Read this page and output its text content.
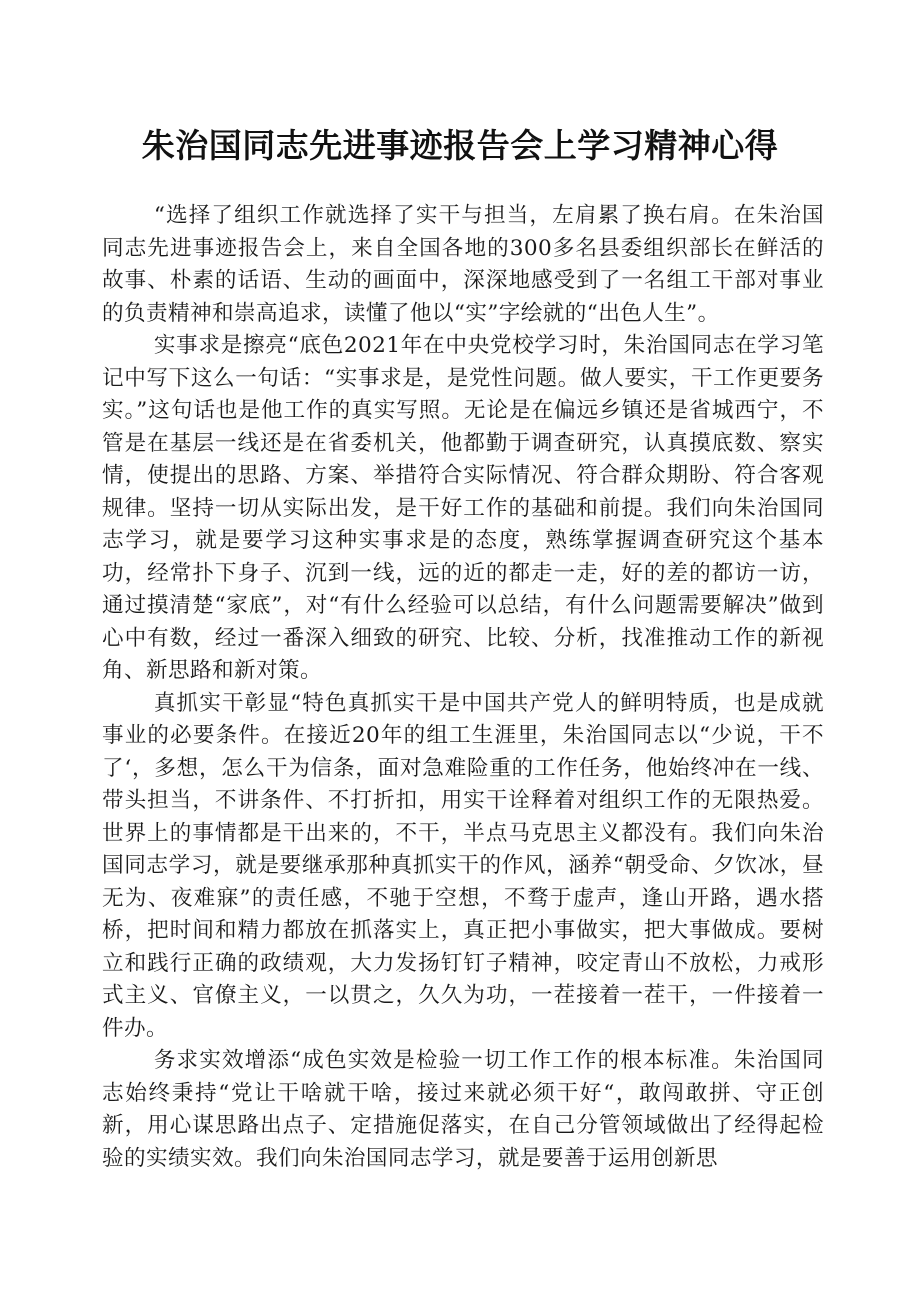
朱治国同志先进事迹报告会上学习精神心得

“选择了组织工作就选择了实干与担当，左肩累了换右肩。在朱治国同志先进事迹报告会上，来自全国各地的300多名县委组织部长在鲜活的故事、朴素的话语、生动的画面中，深深地感受到了一名组工干部对事业的负责精神和崇高追求，读懂了他以“实”字绘就的“出色人生”。

实事求是擦亮“底色2021年在中央党校学习时，朱治国同志在学习笔记中写下这么一句话：“实事求是，是党性问题。做人要实，干工作更要务实。”这句话也是他工作的真实写照。无论是在偏远乡镇还是省城西宁，不管是在基层一线还是在省委机关，他都勤于调查研究，认真摸底数、察实情，使提出的思路、方案、举措符合实际情况、符合群众期盼、符合客观规律。坚持一切从实际出发，是干好工作的基础和前提。我们向朱治国同志学习，就是要学习这种实事求是的态度，熟练掌握调查研究这个基本功，经常扑下身子、沉到一线，远的近的都走一走，好的差的都访一访，通过摸清楚“家底”，对“有什么经验可以总结，有什么问题需要解决”做到心中有数，经过一番深入细致的研究、比较、分析，找准推动工作的新视角、新思路和新对策。

真抓实干彰显“特色真抓实干是中国共产党人的鲜明特质，也是成就事业的必要条件。在接近20年的组工生涯里，朱治国同志以“少说，干不了‘，多想，怎么干为信条，面对急难险重的工作任务，他始终冲在一线、带头担当，不讲条件、不打折扣，用实干诠释着对组织工作的无限热爱。世界上的事情都是干出来的，不干，半点马克思主义都没有。我们向朱治国同志学习，就是要继承那种真抓实干的作风，涵养“朝受命、夕饮冰，昼无为、夜难寐”的责任感，不驰于空想，不骛于虚声，逢山开路，遇水搭桥，把时间和精力都放在抓落实上，真正把小事做实，把大事做成。要树立和践行正确的政绩观，大力发扬钉钉子精神，咬定青山不放松，力戒形式主义、官僚主义，一以贯之，久久为功，一茬接着一茬干，一件接着一件办。

务求实效增添“成色实效是检验一切工作工作的根本标准。朱治国同志始终秉持“党让干啥就干啥，接过来就必须干好“，敢闯敢拼、守正创新，用心谋思路出点子、定措施促落实，在自己分管领域做出了经得起检验的实绩实效。我们向朱治国同志学习，就是要善于运用创新思
